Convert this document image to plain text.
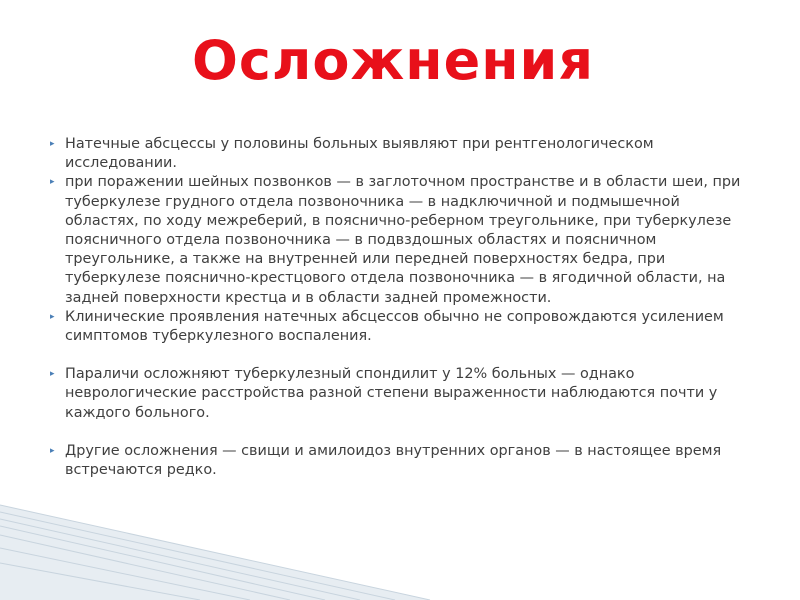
Осложнения
▸ Натечные абсцессы у половины больных выявляют при рентгенологическом исследовании.
▸ при поражении шейных позвонков — в заглоточном пространстве и в области шеи, при туберкулезе грудного отдела позвоночника — в надключичной и подмышечной областях, по ходу межреберий, в пояснично-реберном треугольнике, при туберкулезе поясничного отдела позвоночника — в подвздошных областях и поясничном треугольнике, а также на внутренней или передней поверхностях бедра, при туберкулезе пояснично-крестцового отдела позвоночника — в ягодичной области, на задней поверхности крестца и в области задней промежности.
▸ Клинические проявления натечных абсцессов обычно не сопровождаются усилением симптомов туберкулезного воспаления.
▸ Параличи осложняют туберкулезный спондилит у 12% больных — однако неврологические расстройства разной степени выраженности наблюдаются почти у каждого больного.
▸ Другие осложнения — свищи и амилоидоз внутренних органов — в настоящее время встречаются редко.
